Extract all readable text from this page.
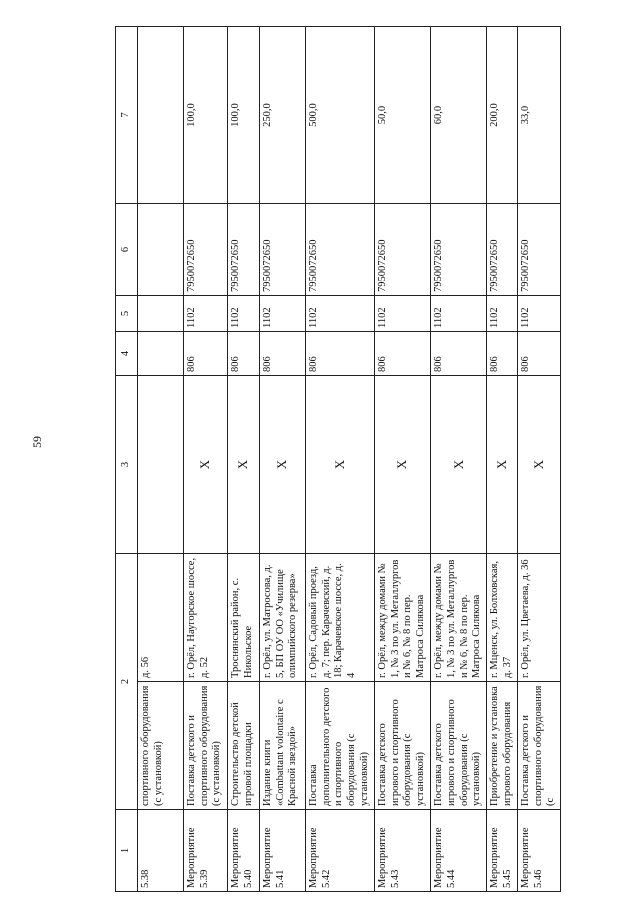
59
1	2		3	4	5	6	7
5.38	спортивного оборудования (с установкой)	д. 56					
Мероприятие 5.39	Поставка детского и спортивного оборудования (с установкой)	г. Орёл, Наугорское шоссе, д. 52	X	806	1102	7950072650	100,0
Мероприятие 5.40	Строительство детской игровой площадки	Троснянский район, с. Никольское	X	806	1102	7950072650	100,0
Мероприятие 5.41	Издание книги «Combattant volontaire с Красной звездой»	г. Орёл, ул. Матросова, д. 5, БП ОУ ОО «Училище олимпийского резерва»	X	806	1102	7950072650	250,0
Мероприятие 5.42	Поставка дополнительного детского и спортивного оборудования (с установкой)	г. Орёл, Садовый проезд, д. 7; пер. Карачевский, д. 18; Карачевское шоссе, д. 4	X	806	1102	7950072650	500,0
Мероприятие 5.43	Поставка детского игрового и спортивного оборудования (с установкой)	г. Орёл, между домами № 1, № 3 по ул. Металлургов и № 6, № 8 по пер. Матроса Силякова	X	806	1102	7950072650	50,0
Мероприятие 5.44	Поставка детского игрового и спортивного оборудования (с установкой)	г. Орёл, между домами № 1, № 3 по ул. Металлургов и № 6, № 8 по пер. Матроса Силякова	X	806	1102	7950072650	60,0
Мероприятие 5.45	Приобретение и установка игрового оборудования	г. Мценск, ул. Болховская, д. 37	X	806	1102	7950072650	200,0
Мероприятие 5.46	Поставка детского и спортивного оборудования (с	г. Орёл, ул. Цветаева, д. 36	X	806	1102	7950072650	33,0
